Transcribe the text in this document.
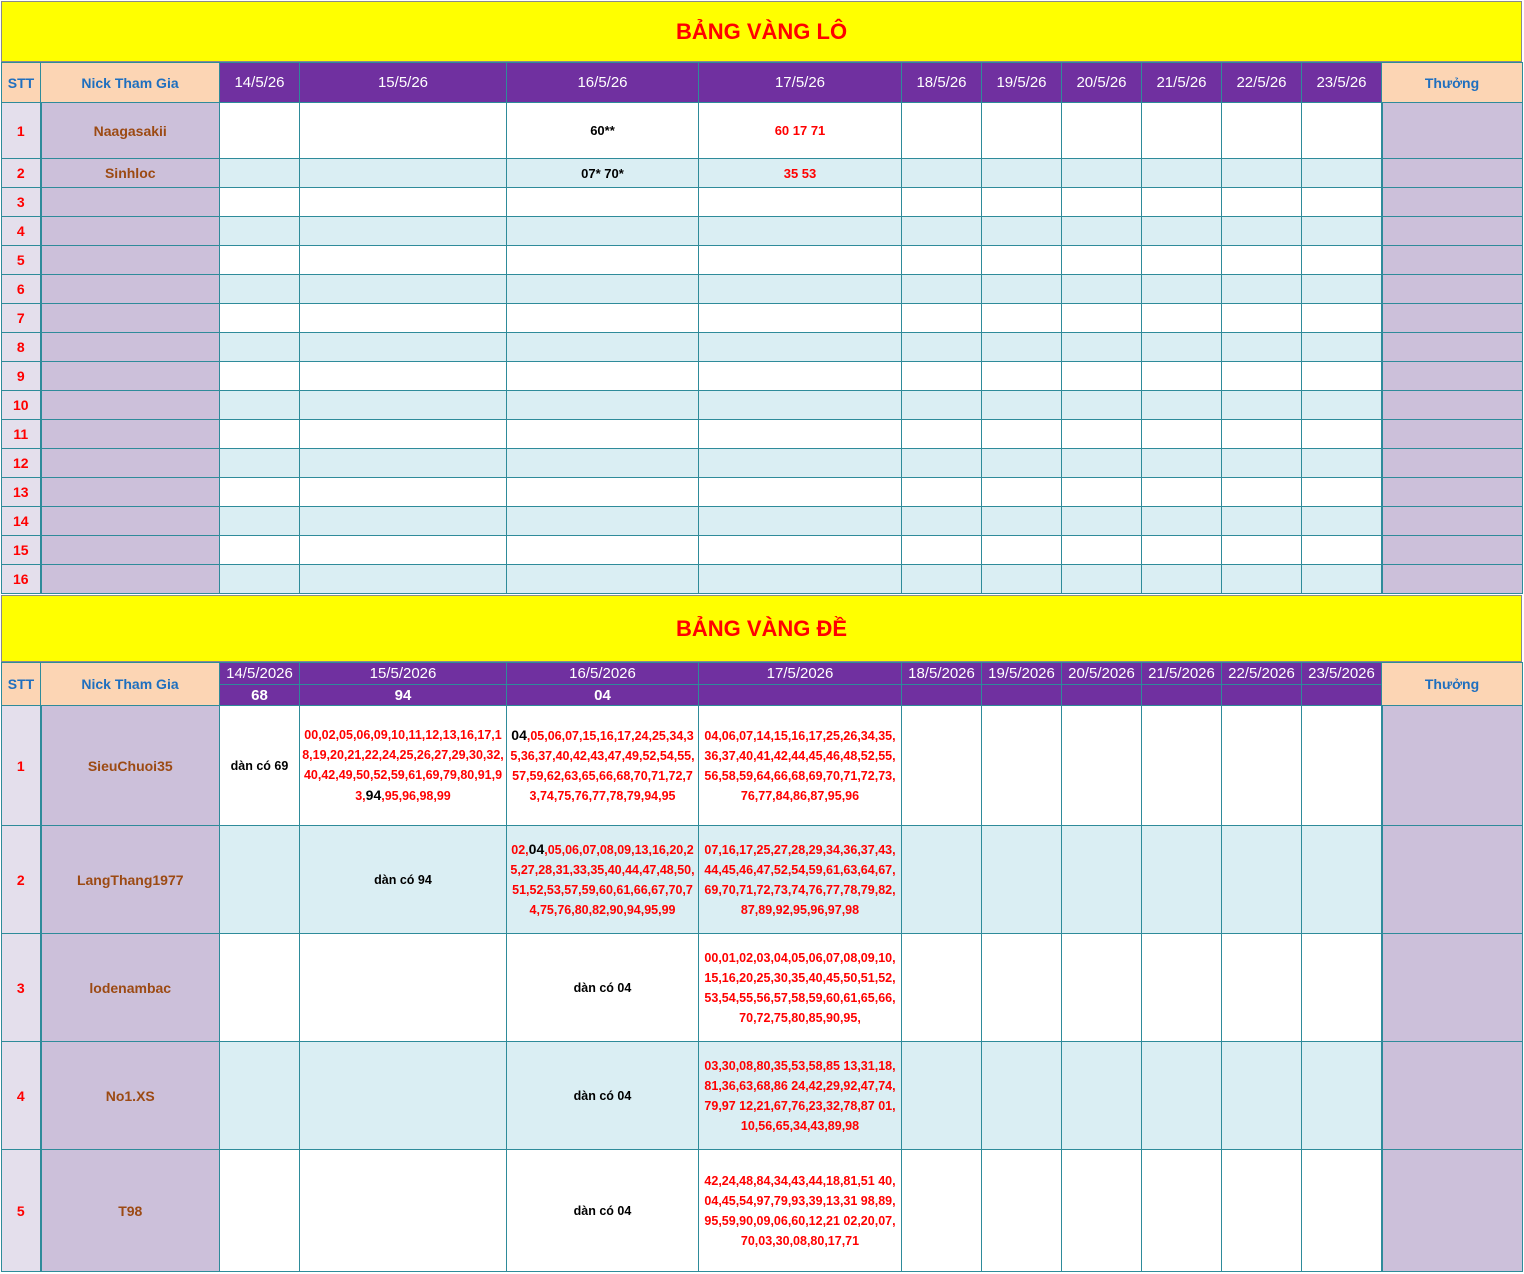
BẢNG VÀNG LÔ
STT	Nick Tham Gia	14/5/26	15/5/26	16/5/26	17/5/26	18/5/26	19/5/26	20/5/26	21/5/26	22/5/26	23/5/26	Thưởng
1	Naagasakii			60**	60 17 71							
2	Sinhloc			07* 70*	35 53							
3												
4												
5												
6												
7												
8												
9												
10												
11												
12												
13												
14												
15												
16												
BẢNG VÀNG ĐỀ
STT	Nick Tham Gia	14/5/2026	15/5/2026	16/5/2026	17/5/2026	18/5/2026	19/5/2026	20/5/2026	21/5/2026	22/5/2026	23/5/2026	Thưởng
		68	94	04								
1	SieuChuoi35	dàn có 69	00,02,05,06,09,10,11,12,13,16,17,18,19,20,21,22,24,25,26,27,29,30,32,40,42,49,50,52,59,61,69,79,80,91,93,94,95,96,98,99	04,05,06,07,15,16,17,24,25,34,35,36,37,40,42,43,47,49,52,54,55,57,59,62,63,65,66,68,70,71,72,73,74,75,76,77,78,79,94,95	04,06,07,14,15,16,17,25,26,34,35,36,37,40,41,42,44,45,46,48,52,55,56,58,59,64,66,68,69,70,71,72,73,76,77,84,86,87,95,96							
2	LangThang1977		dàn có 94	02,04,05,06,07,08,09,13,16,20,25,27,28,31,33,35,40,44,47,48,50,51,52,53,57,59,60,61,66,67,70,74,75,76,80,82,90,94,95,99	07,16,17,25,27,28,29,34,36,37,43,44,45,46,47,52,54,59,61,63,64,67,69,70,71,72,73,74,76,77,78,79,82,87,89,92,95,96,97,98							
3	lodenambac			dàn có 04	00,01,02,03,04,05,06,07,08,09,10,15,16,20,25,30,35,40,45,50,51,52,53,54,55,56,57,58,59,60,61,65,66,70,72,75,80,85,90,95,							
4	No1.XS			dàn có 04	03,30,08,80,35,53,58,85 13,31,18,81,36,63,68,86 24,42,29,92,47,74,79,97 12,21,67,76,23,32,78,87 01,10,56,65,34,43,89,98							
5	T98			dàn có 04	42,24,48,84,34,43,44,18,81,51 40,04,45,54,97,79,93,39,13,31 98,89,95,59,90,09,06,60,12,21 02,20,07,70,03,30,08,80,17,71							
